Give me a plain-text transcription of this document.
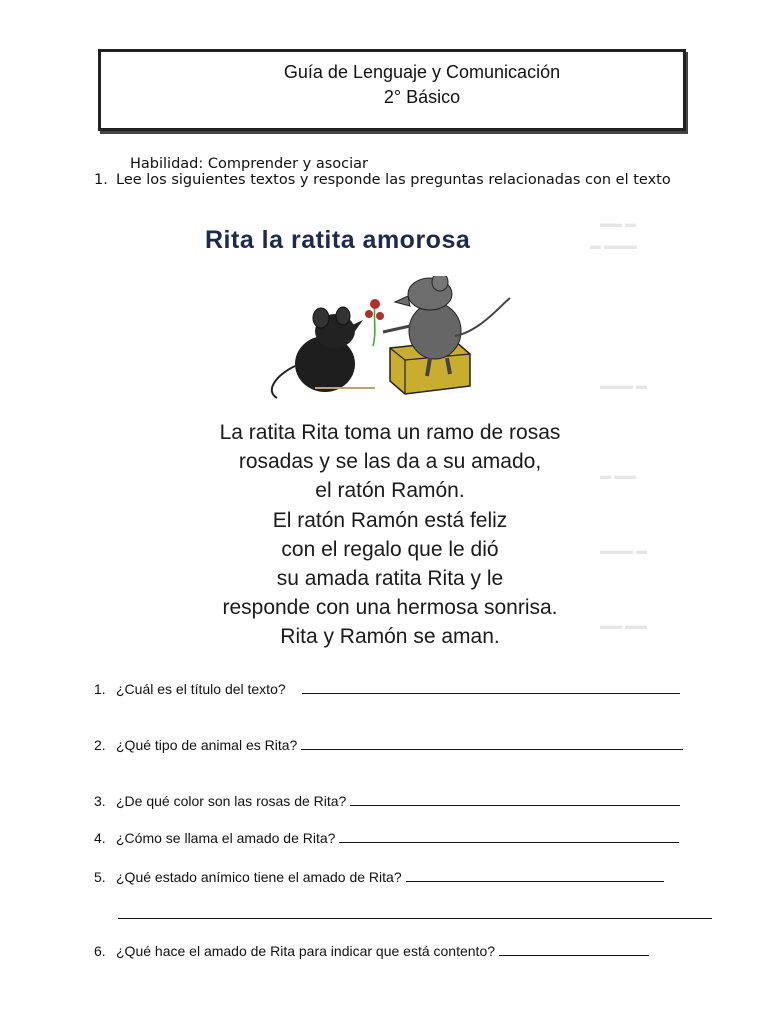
Guía de Lenguaje y Comunicación
2° Básico
Habilidad: Comprender y asociar
1. Lee los siguientes textos y responde las preguntas relacionadas con el texto
▬▬ ▬
▬ ▬▬▬
▬▬▬ ▬
▬ ▬▬
▬▬▬ ▬
▬▬ ▬▬
Rita la ratita amorosa
La ratita Rita toma un ramo de rosas
rosadas y se las da a su amado,
el ratón Ramón.
El ratón Ramón está feliz
con el regalo que le dió
su amada ratita Rita y le
responde con una hermosa sonrisa.
Rita y Ramón se aman.
1. ¿Cuál es el título del texto?
2. ¿Qué tipo de animal es Rita?
3. ¿De qué color son las rosas de Rita?
4. ¿Cómo se llama el amado de Rita?
5. ¿Qué estado anímico tiene el amado de Rita?
6. ¿Qué hace el amado de Rita para indicar que está contento?
